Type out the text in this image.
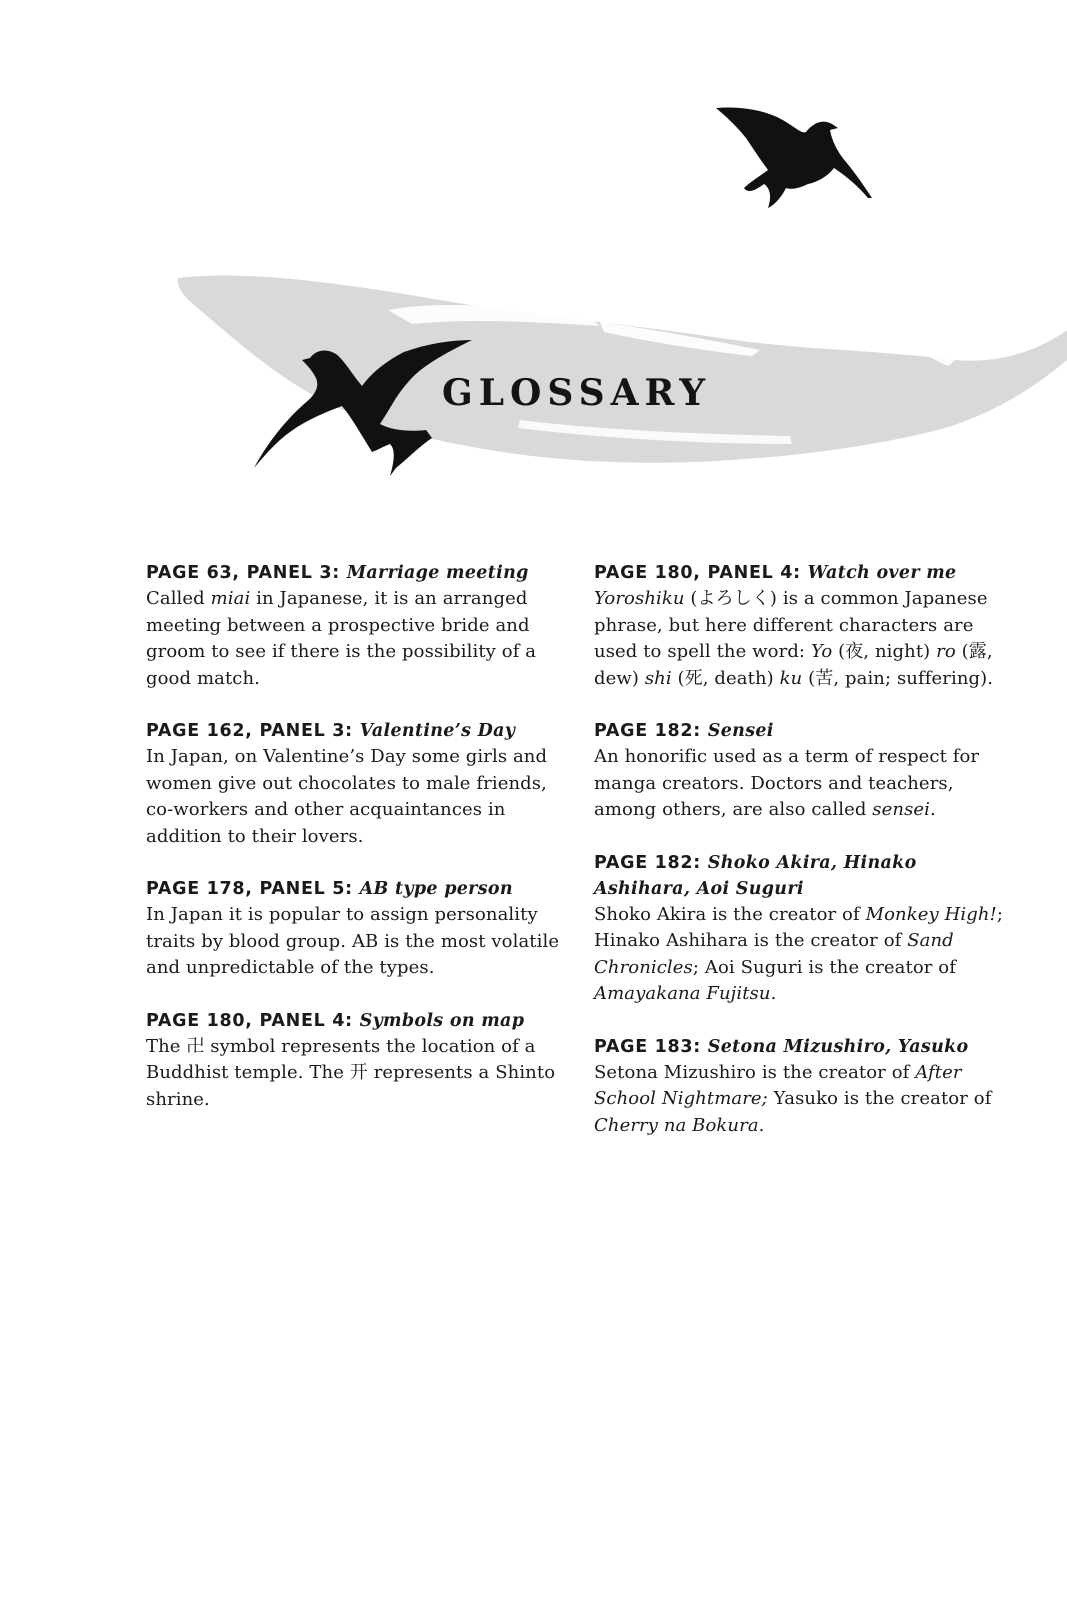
GLOSSARY
PAGE 63, PANEL 3: Marriage meeting
Called miai in Japanese, it is an arranged meeting between a prospective bride and groom to see if there is the possibility of a good match.
PAGE 162, PANEL 3: Valentine’s Day
In Japan, on Valentine’s Day some girls and women give out chocolates to male friends, co-workers and other acquaintances in addition to their lovers.
PAGE 178, PANEL 5: AB type person
In Japan it is popular to assign personality traits by blood group. AB is the most volatile and unpredictable of the types.
PAGE 180, PANEL 4: Symbols on map
The 卍 symbol represents the location of a Buddhist temple. The 开 represents a Shinto shrine.
PAGE 180, PANEL 4: Watch over me
Yoroshiku (よろしく) is a common Japanese phrase, but here different characters are used to spell the word: Yo (夜, night) ro (露, dew) shi (死, death) ku (苦, pain; suffering).
PAGE 182: Sensei
An honorific used as a term of respect for manga creators. Doctors and teachers, among others, are also called sensei.
PAGE 182: Shoko Akira, Hinako Ashihara, Aoi Suguri
Shoko Akira is the creator of Monkey High!; Hinako Ashihara is the creator of Sand Chronicles; Aoi Suguri is the creator of Amayakana Fujitsu.
PAGE 183: Setona Mizushiro, Yasuko
Setona Mizushiro is the creator of After School Nightmare; Yasuko is the creator of Cherry na Bokura.
